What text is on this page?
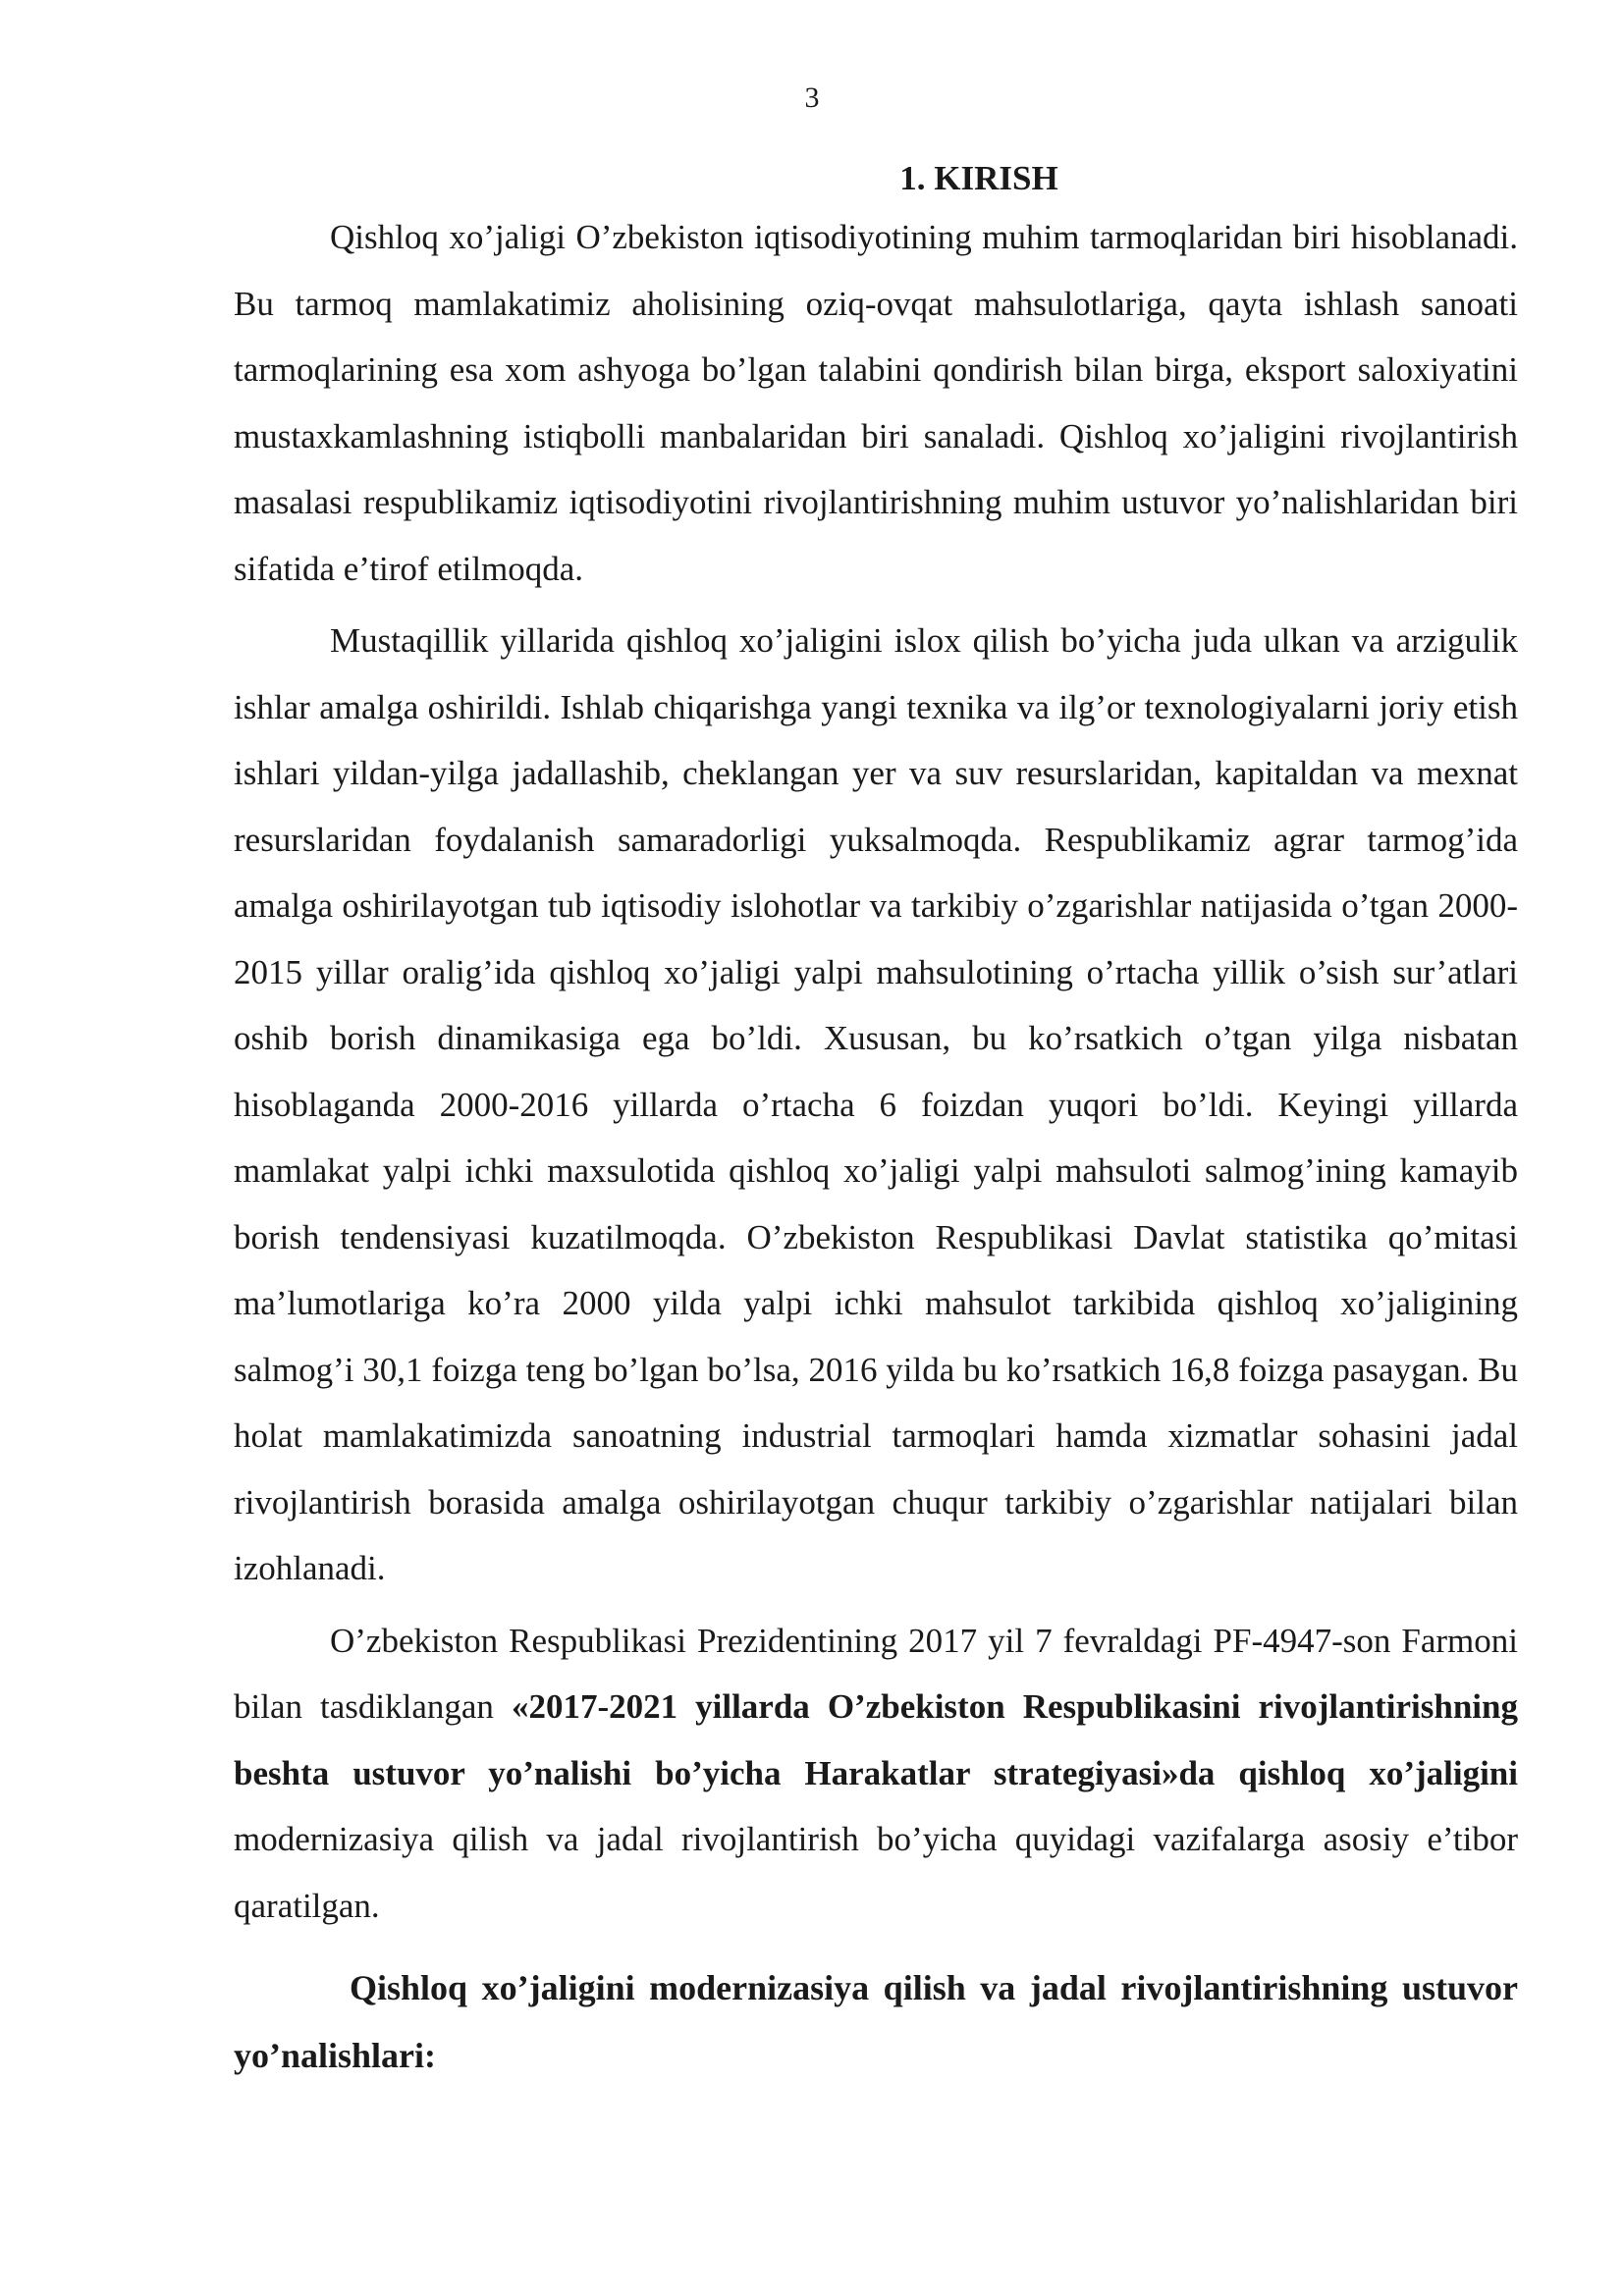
3
1. KIRISH

Qishloq xo’jaligi O’zbekiston iqtisodiyotining muhim tarmoqlaridan biri hisoblanadi. Bu tarmoq mamlakatimiz aholisining oziq-ovqat mahsulotlariga, qayta ishlash sanoati tarmoqlarining esa xom ashyoga bo’lgan talabini qondirish bilan birga, eksport saloxiyatini mustaxkamlashning istiqbolli manbalaridan biri sanaladi. Qishloq xo’jaligini rivojlantirish masalasi respublikamiz iqtisodiyotini rivojlantirishning muhim ustuvor yo’nalishlaridan biri sifatida e’tirof etilmoqda.

Mustaqillik yillarida qishloq xo’jaligini islox qilish bo’yicha juda ulkan va arzigulik ishlar amalga oshirildi. Ishlab chiqarishga yangi texnika va ilg’or texnologiyalarni joriy etish ishlari yildan-yilga jadallashib, cheklangan yer va suv resurslaridan, kapitaldan va mexnat resurslaridan foydalanish samaradorligi yuksalmoqda. Respublikamiz agrar tarmog’ida amalga oshirilayotgan tub iqtisodiy islohotlar va tarkibiy o’zgarishlar natijasida o’tgan 2000-2015 yillar oralig’ida qishloq xo’jaligi yalpi mahsulotining o’rtacha yillik o’sish sur’atlari oshib borish dinamikasiga ega bo’ldi. Xususan, bu ko’rsatkich o’tgan yilga nisbatan hisoblaganda 2000-2016 yillarda o’rtacha 6 foizdan yuqori bo’ldi. Keyingi yillarda mamlakat yalpi ichki maxsulotida qishloq xo’jaligi yalpi mahsuloti salmog’ining kamayib borish tendensiyasi kuzatilmoqda. O’zbekiston Respublikasi Davlat statistika qo’mitasi ma’lumotlariga ko’ra 2000 yilda yalpi ichki mahsulot tarkibida qishloq xo’jaligining salmog’i 30,1 foizga teng bo’lgan bo’lsa, 2016 yilda bu ko’rsatkich 16,8 foizga pasaygan. Bu holat mamlakatimizda sanoatning industrial tarmoqlari hamda xizmatlar sohasini jadal rivojlantirish borasida amalga oshirilayotgan chuqur tarkibiy o’zgarishlar natijalari bilan izohlanadi.

O’zbekiston Respublikasi Prezidentining 2017 yil 7 fevraldagi PF-4947-son Farmoni bilan tasdiklangan «2017-2021 yillarda O’zbekiston Respublikasini rivojlantirishning beshta ustuvor yo’nalishi bo’yicha Harakatlar strategiyasi»da qishloq xo’jaligini modernizasiya qilish va jadal rivojlantirish bo’yicha quyidagi vazifalarga asosiy e’tibor qaratilgan.

Qishloq xo’jaligini modernizasiya qilish va jadal rivojlantirishning ustuvor yo’nalishlari:
